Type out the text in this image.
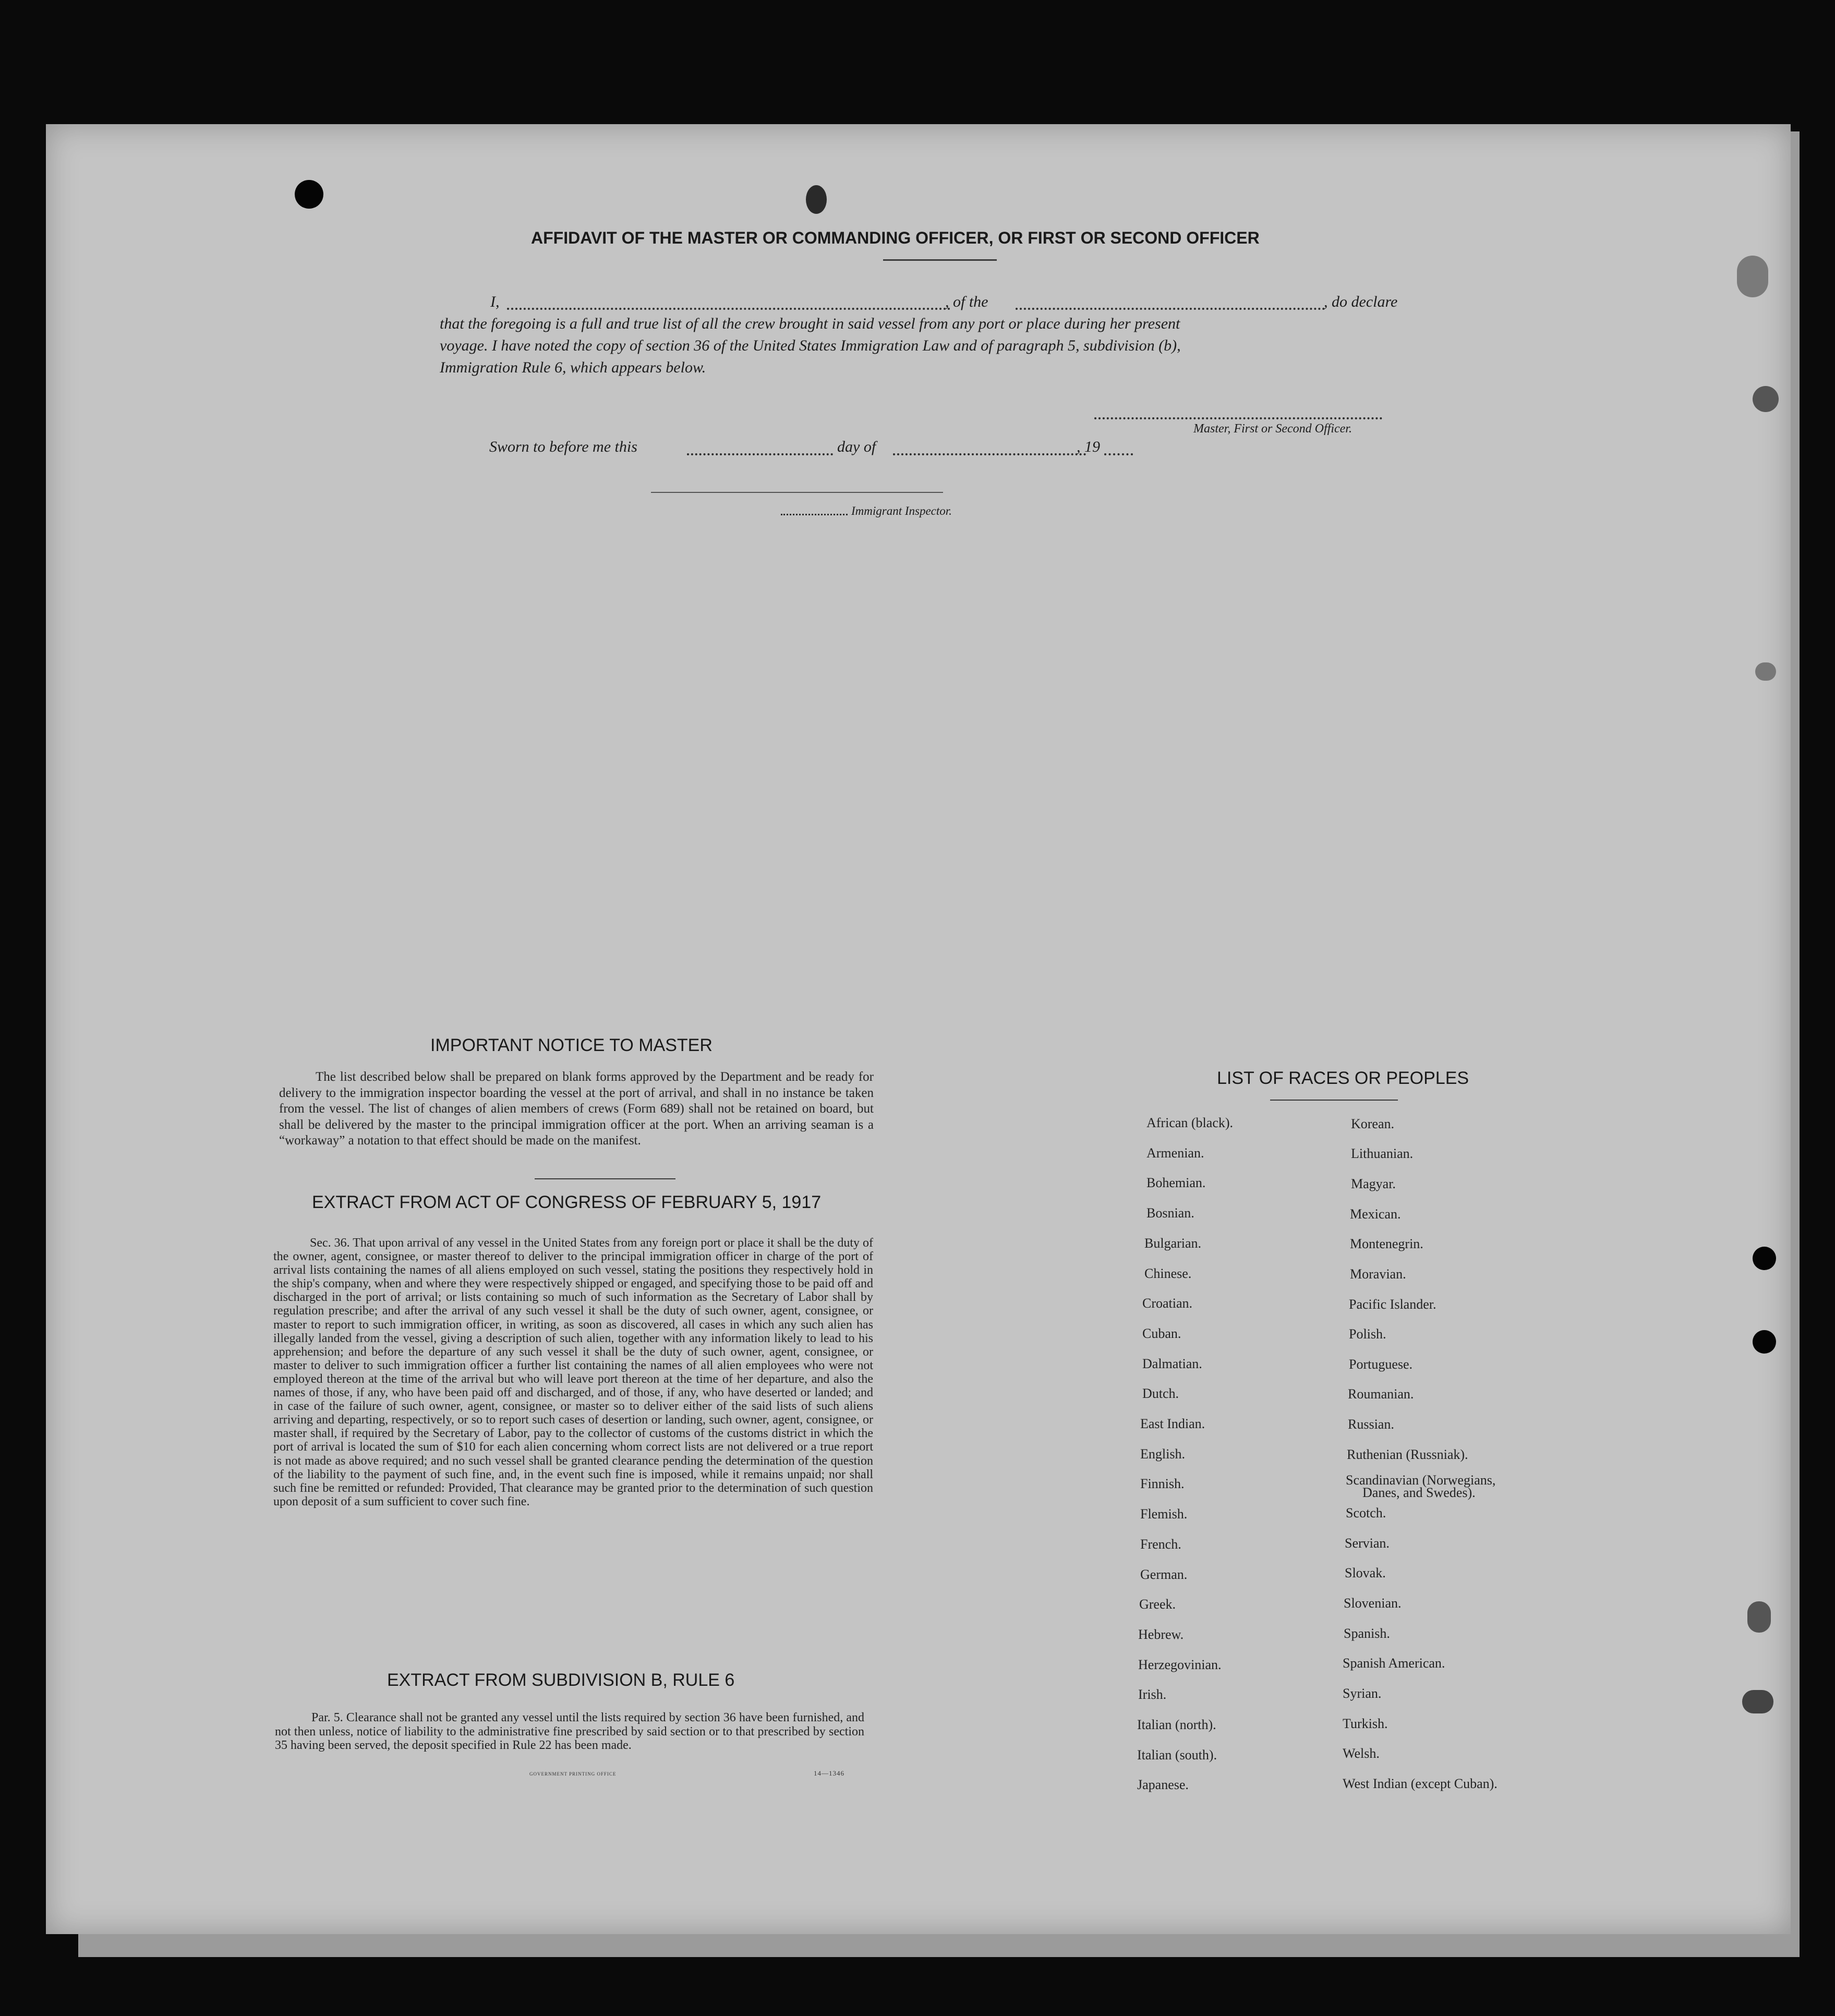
AFFIDAVIT OF THE MASTER OR COMMANDING OFFICER, OR FIRST OR SECOND OFFICER
I,	, of the	, do declare
that the foregoing is a full and true list of all the crew brought in said vessel from any port or place during her present
voyage. I have noted the copy of section 36 of the United States Immigration Law and of paragraph 5, subdivision (b),
Immigration Rule 6, which appears below.
Master, First or Second Officer.
Sworn to before me this	day of	, 19
Immigrant Inspector.
IMPORTANT NOTICE TO MASTER
The list described below shall be prepared on blank forms approved by the Department and be ready for delivery to the immigration inspector boarding the vessel at the port of arrival, and shall in no instance be taken from the vessel. The list of changes of alien members of crews (Form 689) shall not be retained on board, but shall be delivered by the master to the principal immigration officer at the port. When an arriving seaman is a “workaway” a notation to that effect should be made on the manifest.
EXTRACT FROM ACT OF CONGRESS OF FEBRUARY 5, 1917
Sec. 36. That upon arrival of any vessel in the United States from any foreign port or place it shall be the duty of the owner, agent, consignee, or master thereof to deliver to the principal immigration officer in charge of the port of arrival lists containing the names of all aliens employed on such vessel, stating the positions they respectively hold in the ship's company, when and where they were respectively shipped or engaged, and specifying those to be paid off and discharged in the port of arrival; or lists containing so much of such information as the Secretary of Labor shall by regulation prescribe; and after the arrival of any such vessel it shall be the duty of such owner, agent, consignee, or master to report to such immigration officer, in writing, as soon as discovered, all cases in which any such alien has illegally landed from the vessel, giving a description of such alien, together with any information likely to lead to his apprehension; and before the departure of any such vessel it shall be the duty of such owner, agent, consignee, or master to deliver to such immigration officer a further list containing the names of all alien employees who were not employed thereon at the time of the arrival but who will leave port thereon at the time of her departure, and also the names of those, if any, who have been paid off and discharged, and of those, if any, who have deserted or landed; and in case of the failure of such owner, agent, consignee, or master so to deliver either of the said lists of such aliens arriving and departing, respectively, or so to report such cases of desertion or landing, such owner, agent, consignee, or master shall, if required by the Secretary of Labor, pay to the collector of customs of the customs district in which the port of arrival is located the sum of $10 for each alien concerning whom correct lists are not delivered or a true report is not made as above required; and no such vessel shall be granted clearance pending the determination of the question of the liability to the payment of such fine, and, in the event such fine is imposed, while it remains unpaid; nor shall such fine be remitted or refunded: Provided, That clearance may be granted prior to the determination of such question upon deposit of a sum sufficient to cover such fine.
EXTRACT FROM SUBDIVISION B, RULE 6
Par. 5. Clearance shall not be granted any vessel until the lists required by section 36 have been furnished, and not then unless, notice of liability to the administrative fine prescribed by said section or to that prescribed by section 35 having been served, the deposit specified in Rule 22 has been made.
GOVERNMENT PRINTING OFFICE	14—1346
LIST OF RACES OR PEOPLES
African (black).
Armenian.
Bohemian.
Bosnian.
Bulgarian.
Chinese.
Croatian.
Cuban.
Dalmatian.
Dutch.
East Indian.
English.
Finnish.
Flemish.
French.
German.
Greek.
Hebrew.
Herzegovinian.
Irish.
Italian (north).
Italian (south).
Japanese.
Korean.
Lithuanian.
Magyar.
Mexican.
Montenegrin.
Moravian.
Pacific Islander.
Polish.
Portuguese.
Roumanian.
Russian.
Ruthenian (Russniak).
Scandinavian (Norwegians,
Danes, and Swedes).
Scotch.
Servian.
Slovak.
Slovenian.
Spanish.
Spanish American.
Syrian.
Turkish.
Welsh.
West Indian (except Cuban).
